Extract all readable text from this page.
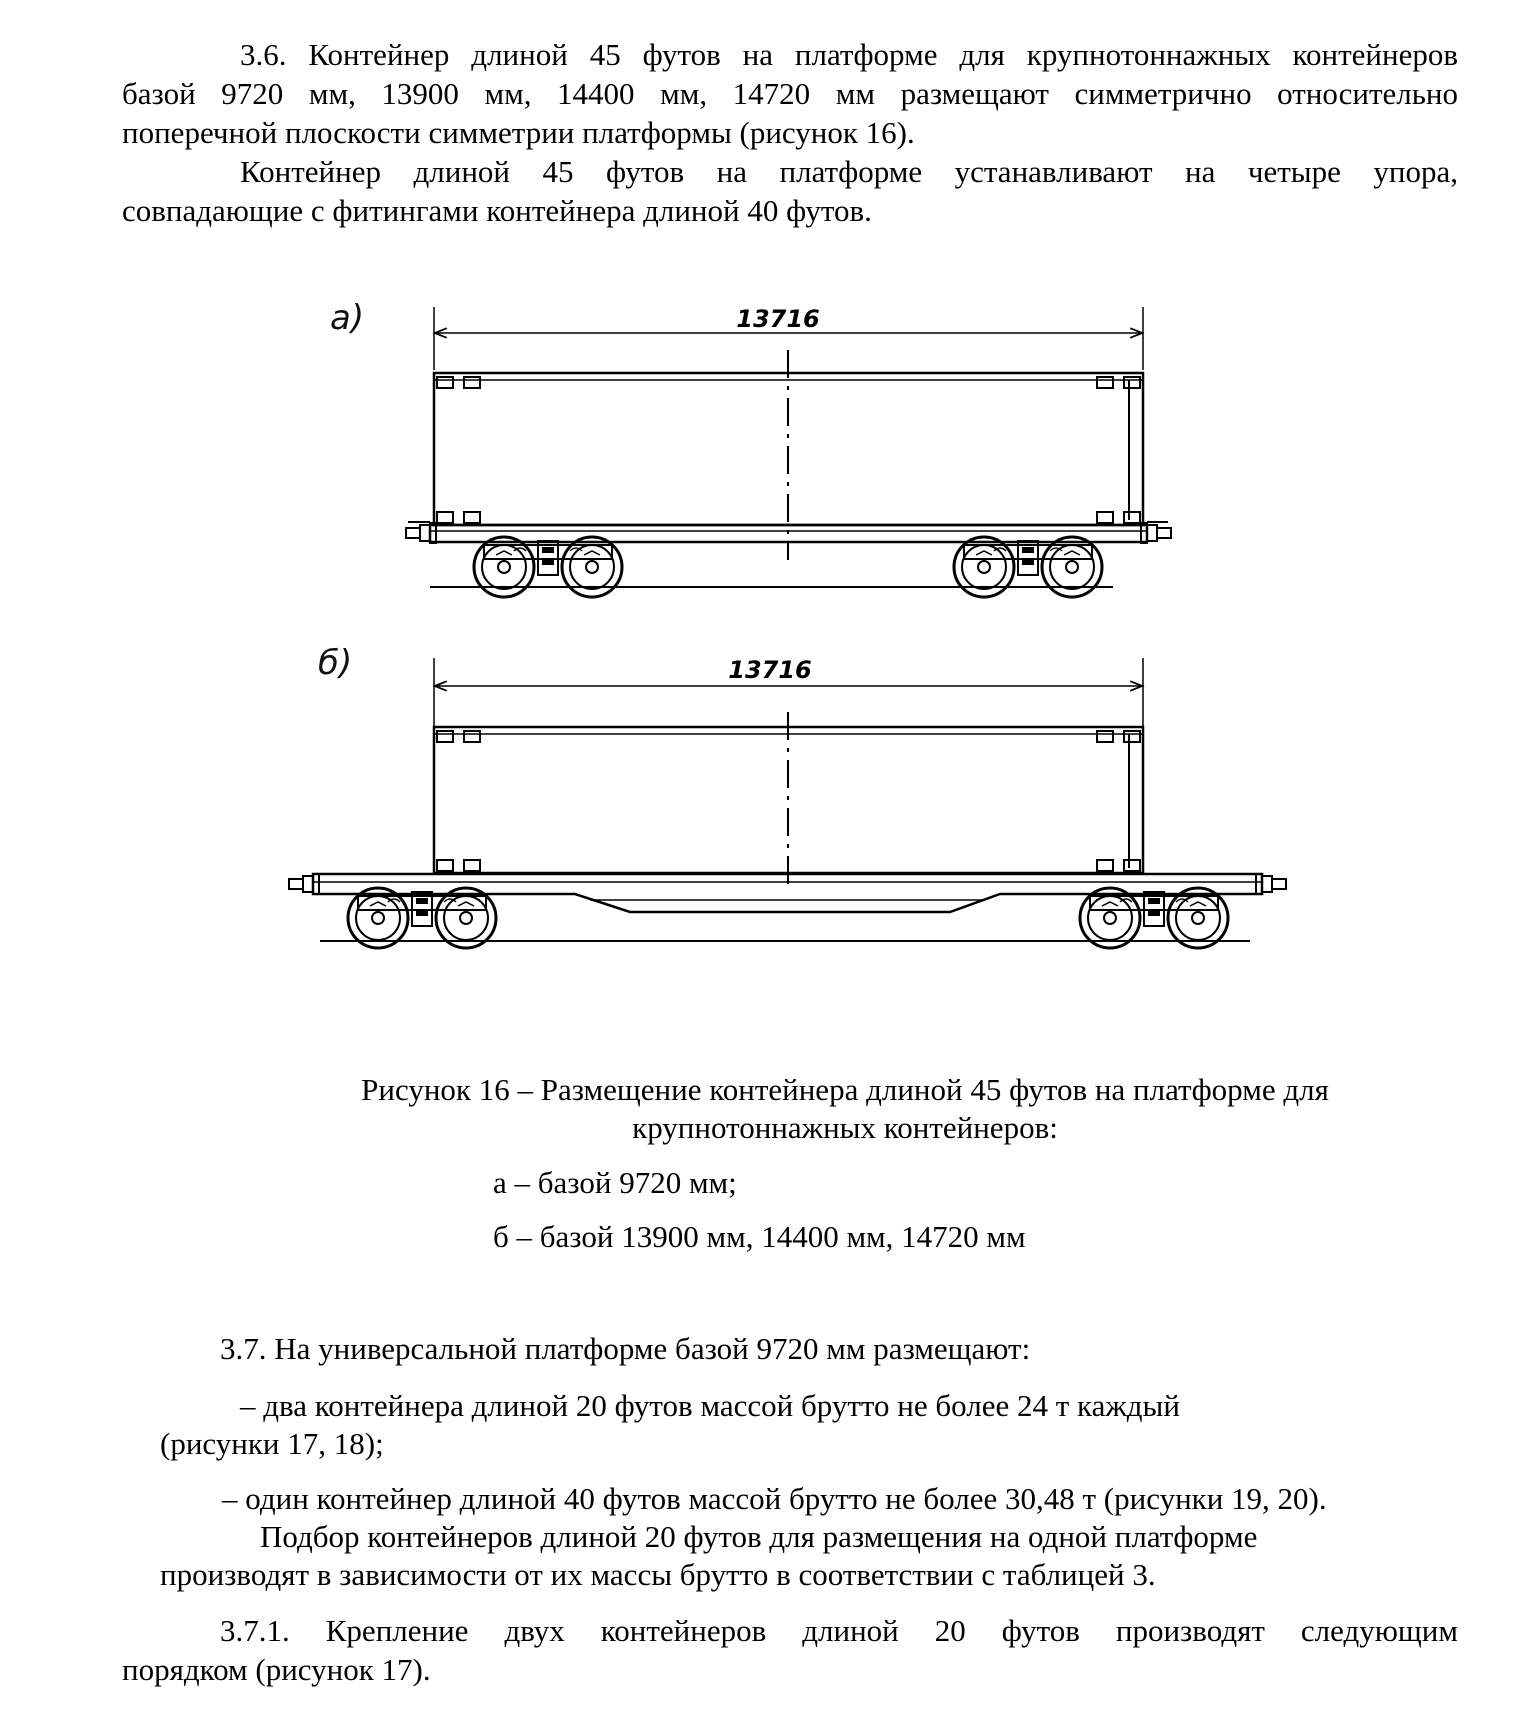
3.6. Контейнер длиной 45 футов на платформе для крупнотоннажных контейнеров

базой 9720 мм, 13900 мм, 14400 мм, 14720 мм размещают симметрично относительно

поперечной плоскости симметрии платформы (рисунок 16).

Контейнер длиной 45 футов на платформе устанавливают на четыре упора,

совпадающие с фитингами контейнера длиной 40 футов.

а)
б)
13716
13716
Рисунок 16 – Размещение контейнера длиной 45 футов на платформе для
крупнотоннажных контейнеров:

а – базой 9720 мм;

б – базой 13900 мм, 14400 мм, 14720 мм

3.7. На универсальной платформе базой 9720 мм размещают:

– два контейнера длиной 20 футов массой брутто не более 24 т каждый

(рисунки 17, 18);

– один контейнер длиной 40 футов массой брутто не более 30,48 т (рисунки 19, 20).

Подбор контейнеров длиной 20 футов для размещения на одной платформе

производят в зависимости от их массы брутто в соответствии с таблицей 3.

3.7.1. Крепление двух контейнеров длиной 20 футов производят следующим

порядком (рисунок 17).
